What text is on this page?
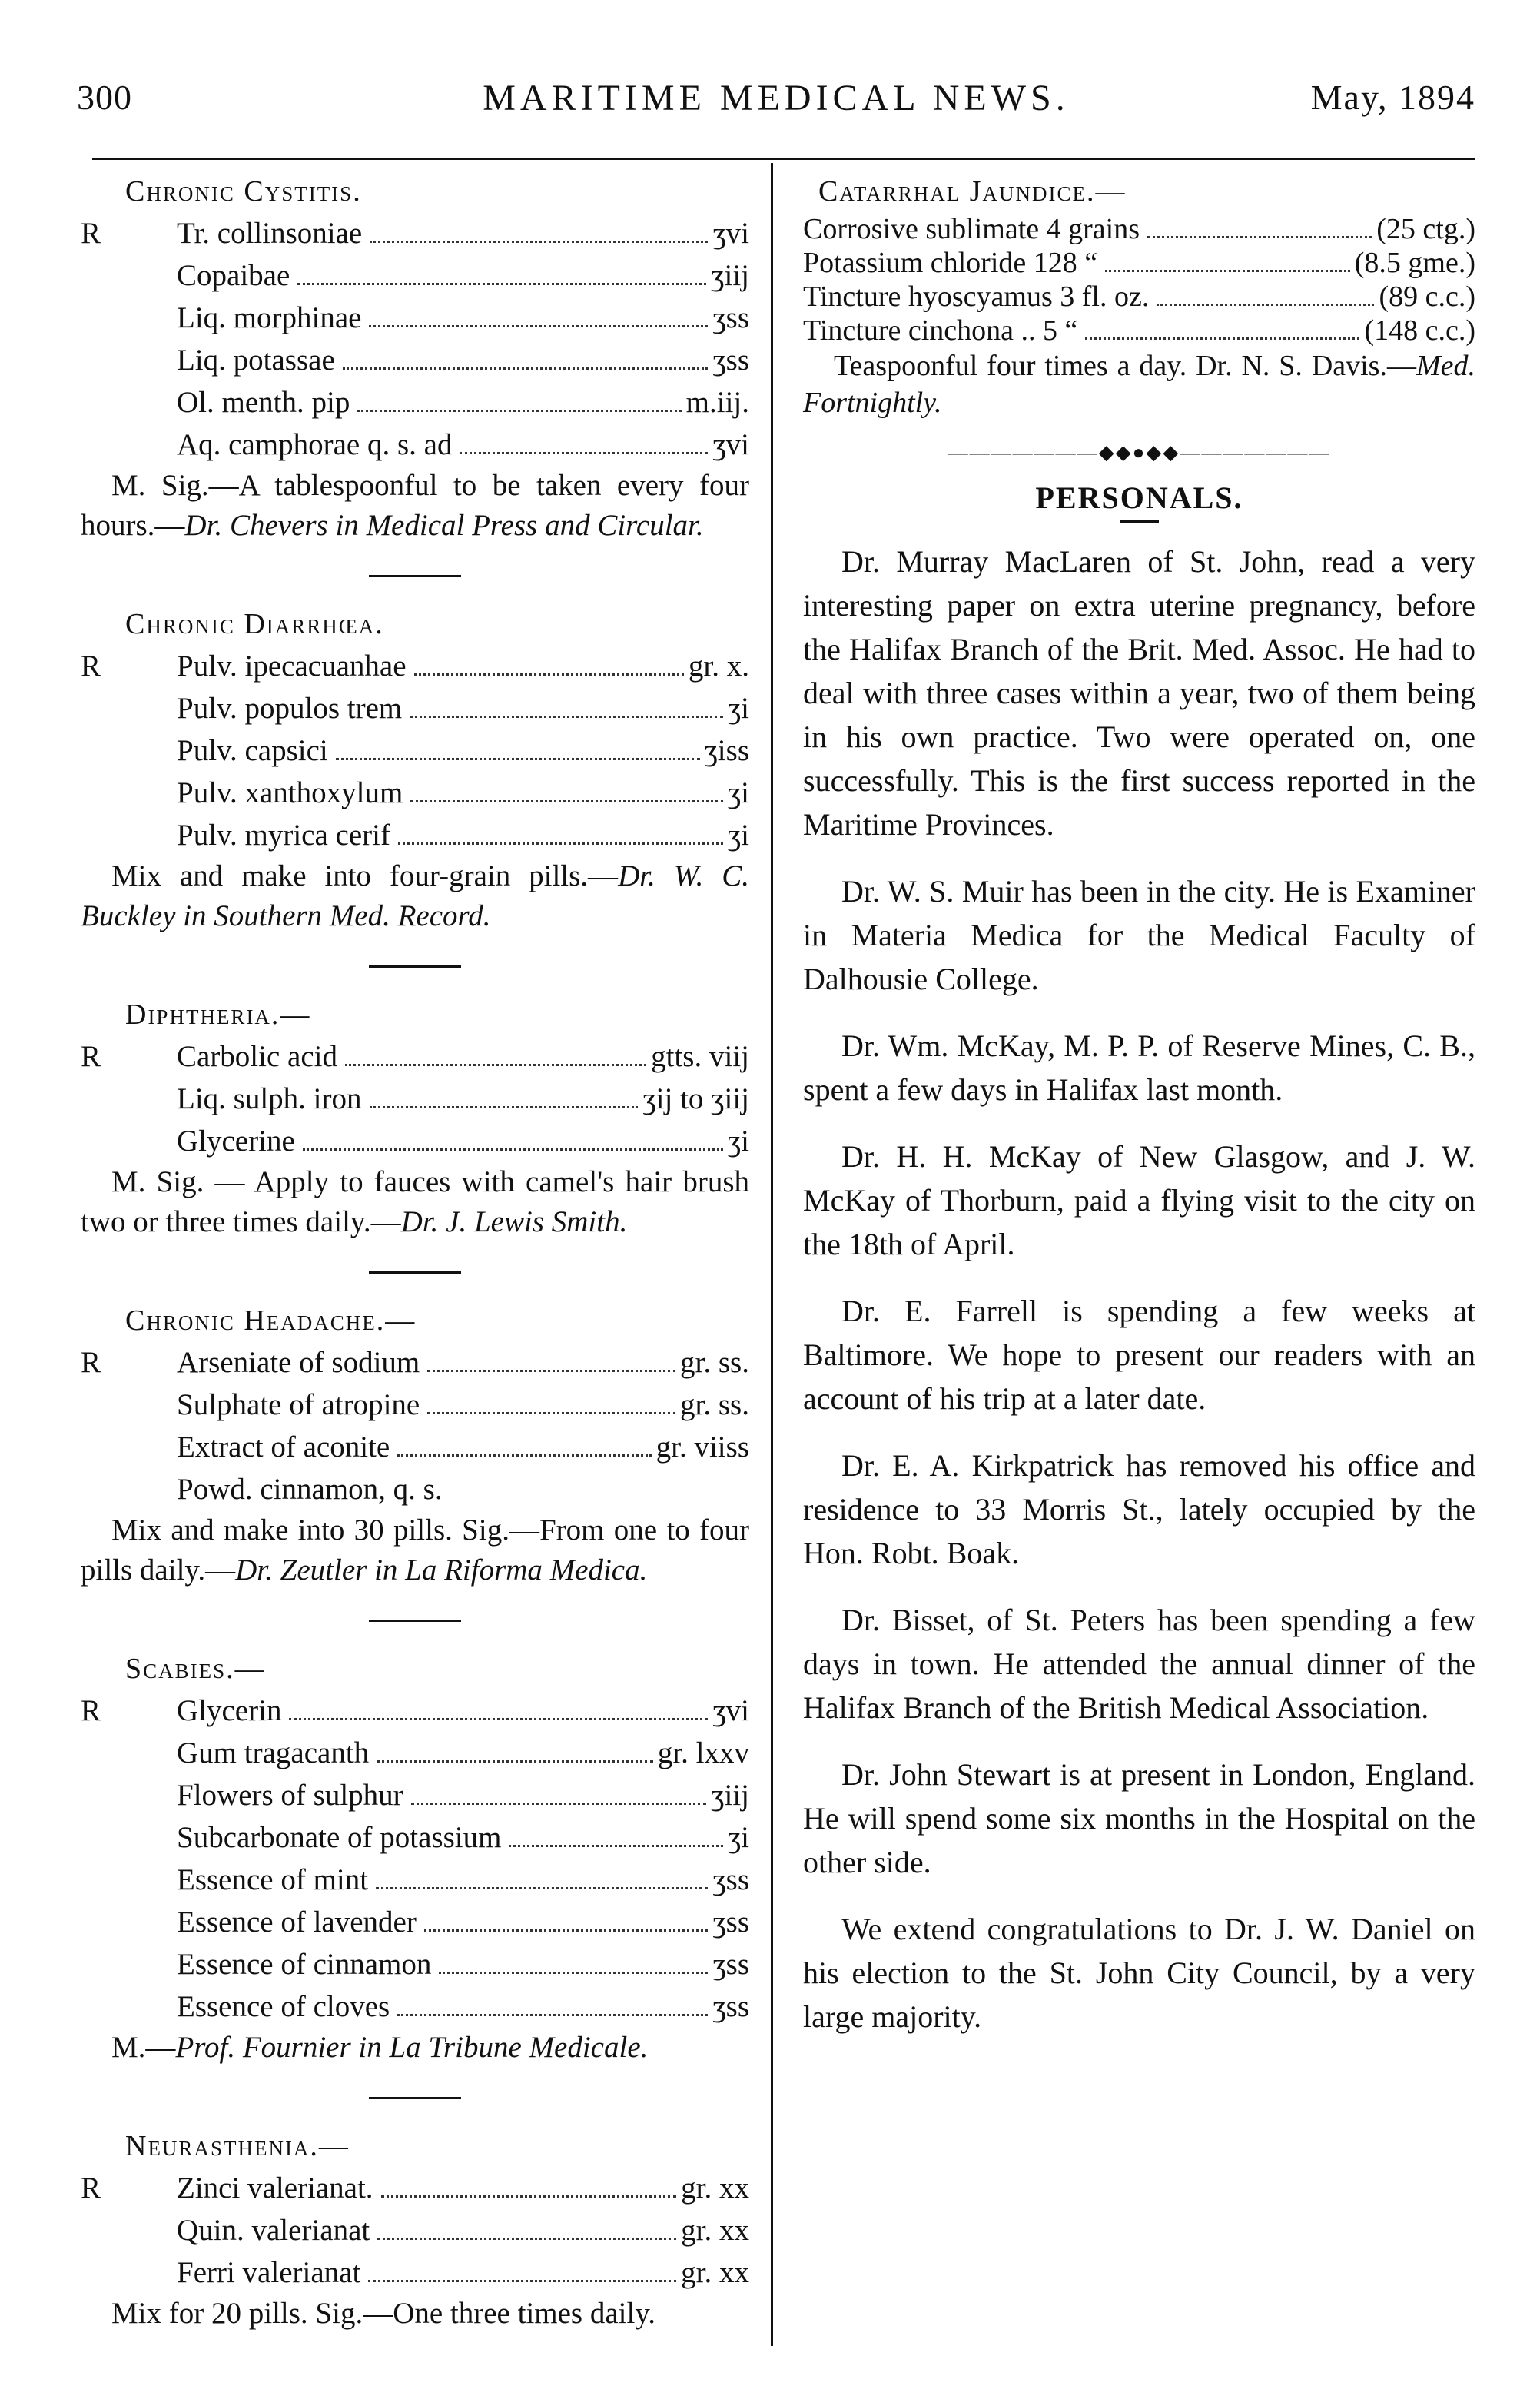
300	MARITIME MEDICAL NEWS.	May, 1894
Chronic Cystitis.
R	Tr. collinsoniae	ʒvi
Copaibae	ʒiij
Liq. morphinae	ʒss
Liq. potassae	ʒss
Ol. menth. pip	m.iij.
Aq. camphorae q. s. ad	ʒvi
M. Sig.—A tablespoonful to be taken every four hours.—Dr. Chevers in Medical Press and Circular.
Chronic Diarrhœa.
R	Pulv. ipecacuanhae	gr. x.
Pulv. populos trem	ʒi
Pulv. capsici	ʒiss
Pulv. xanthoxylum	ʒi
Pulv. myrica cerif	ʒi
Mix and make into four-grain pills.—Dr. W. C. Buckley in Southern Med. Record.
Diphtheria.—
R	Carbolic acid	gtts. viij
Liq. sulph. iron	ʒij to ʒiij
Glycerine	ʒi
M. Sig. — Apply to fauces with camel's hair brush two or three times daily.—Dr. J. Lewis Smith.
Chronic Headache.—
R	Arseniate of sodium	gr. ss.
Sulphate of atropine	gr. ss.
Extract of aconite	gr. viiss
Powd. cinnamon, q. s.
Mix and make into 30 pills. Sig.—From one to four pills daily.—Dr. Zeutler in La Riforma Medica.
Scabies.—
R	Glycerin	ʒvi
Gum tragacanth	gr. lxxv
Flowers of sulphur	ʒiij
Subcarbonate of potassium	ʒi
Essence of mint	ʒss
Essence of lavender	ʒss
Essence of cinnamon	ʒss
Essence of cloves	ʒss
M.—Prof. Fournier in La Tribune Medicale.
Neurasthenia.—
R	Zinci valerianat.	gr. xx
Quin. valerianat	gr. xx
Ferri valerianat	gr. xx
Mix for 20 pills. Sig.—One three times daily.
Catarrhal Jaundice.—
Corrosive sublimate 4 grains	(25 ctg.)
Potassium chloride 128 “	(8.5 gme.)
Tincture hyoscyamus 3 fl. oz.	(89 c.c.)
Tincture cinchona .. 5 “	(148 c.c.)
Teaspoonful four times a day. Dr. N. S. Davis.—Med. Fortnightly.
―――――――◆◆●◆◆―――――――
PERSONALS.

Dr. Murray MacLaren of St. John, read a very interesting paper on extra uterine pregnancy, before the Halifax Branch of the Brit. Med. Assoc. He had to deal with three cases within a year, two of them being in his own practice. Two were operated on, one successfully. This is the first success reported in the Maritime Provinces.

Dr. W. S. Muir has been in the city. He is Examiner in Materia Medica for the Medical Faculty of Dalhousie College.

Dr. Wm. McKay, M. P. P. of Reserve Mines, C. B., spent a few days in Halifax last month.

Dr. H. H. McKay of New Glasgow, and J. W. McKay of Thorburn, paid a flying visit to the city on the 18th of April.

Dr. E. Farrell is spending a few weeks at Baltimore. We hope to present our readers with an account of his trip at a later date.

Dr. E. A. Kirkpatrick has removed his office and residence to 33 Morris St., lately occupied by the Hon. Robt. Boak.

Dr. Bisset, of St. Peters has been spending a few days in town. He attended the annual dinner of the Halifax Branch of the British Medical Association.

Dr. John Stewart is at present in London, England. He will spend some six months in the Hospital on the other side.

We extend congratulations to Dr. J. W. Daniel on his election to the St. John City Council, by a very large majority.
